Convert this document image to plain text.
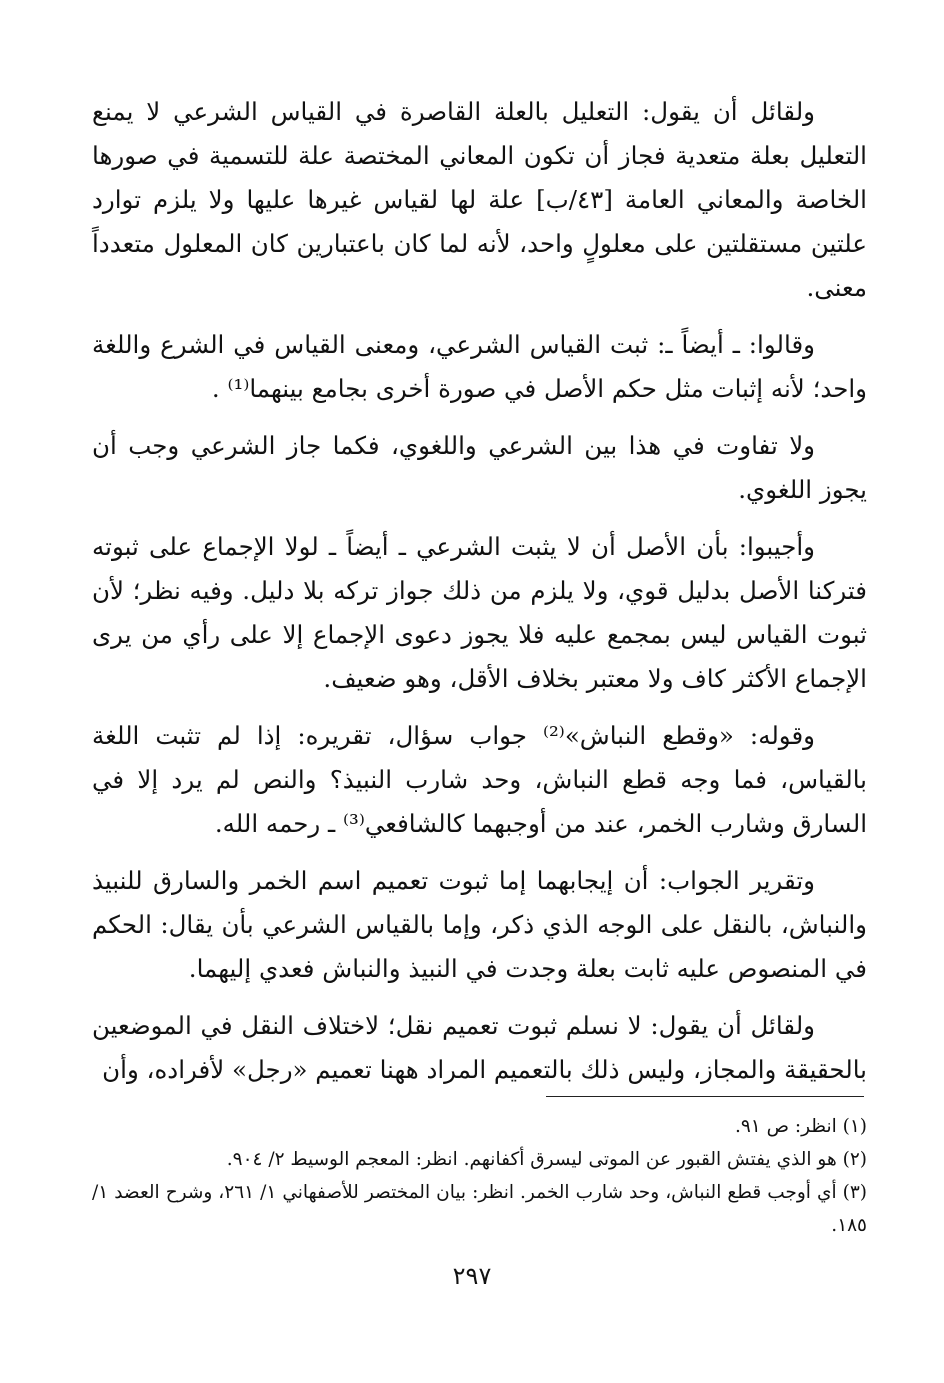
ولقائل أن يقول: التعليل بالعلة القاصرة في القياس الشرعي لا يمنع التعليل بعلة متعدية فجاز أن تكون المعاني المختصة علة للتسمية في صورها الخاصة والمعاني العامة [٤٣/ب] علة لها لقياس غيرها عليها ولا يلزم توارد علتين مستقلتين على معلولٍ واحد، لأنه لما كان باعتبارين كان المعلول متعدداً معنى.

وقالوا: ـ أيضاً ـ: ثبت القياس الشرعي، ومعنى القياس في الشرع واللغة واحد؛ لأنه إثبات مثل حكم الأصل في صورة أخرى بجامع بينهما⁽¹⁾ .

ولا تفاوت في هذا بين الشرعي واللغوي، فكما جاز الشرعي وجب أن يجوز اللغوي.

وأجيبوا: بأن الأصل أن لا يثبت الشرعي ـ أيضاً ـ لولا الإجماع على ثبوته فتركنا الأصل بدليل قوي، ولا يلزم من ذلك جواز تركه بلا دليل. وفيه نظر؛ لأن ثبوت القياس ليس بمجمع عليه فلا يجوز دعوى الإجماع إلا على رأي من يرى الإجماع الأكثر كاف ولا معتبر بخلاف الأقل، وهو ضعيف.

وقوله: «وقطع النباش»⁽²⁾ جواب سؤال، تقريره: إذا لم تثبت اللغة بالقياس، فما وجه قطع النباش، وحد شارب النبيذ؟ والنص لم يرد إلا في السارق وشارب الخمر، عند من أوجبهما كالشافعي⁽³⁾ ـ رحمه الله.

وتقرير الجواب: أن إيجابهما إما ثبوت تعميم اسم الخمر والسارق للنبيذ والنباش، بالنقل على الوجه الذي ذكر، وإما بالقياس الشرعي بأن يقال: الحكم في المنصوص عليه ثابت بعلة وجدت في النبيذ والنباش فعدي إليهما.

ولقائل أن يقول: لا نسلم ثبوت تعميم نقل؛ لاختلاف النقل في الموضعين بالحقيقة والمجاز، وليس ذلك بالتعميم المراد ههنا تعميم «رجل» لأفراده، وأن

(١) انظر: ص ٩١.

(٢) هو الذي يفتش القبور عن الموتى ليسرق أكفانهم. انظر: المعجم الوسيط ٢/ ٩٠٤.

(٣) أي أوجب قطع النباش، وحد شارب الخمر. انظر: بيان المختصر للأصفهاني ١/ ٢٦١، وشرح العضد ١/ ١٨٥.

٢٩٧
